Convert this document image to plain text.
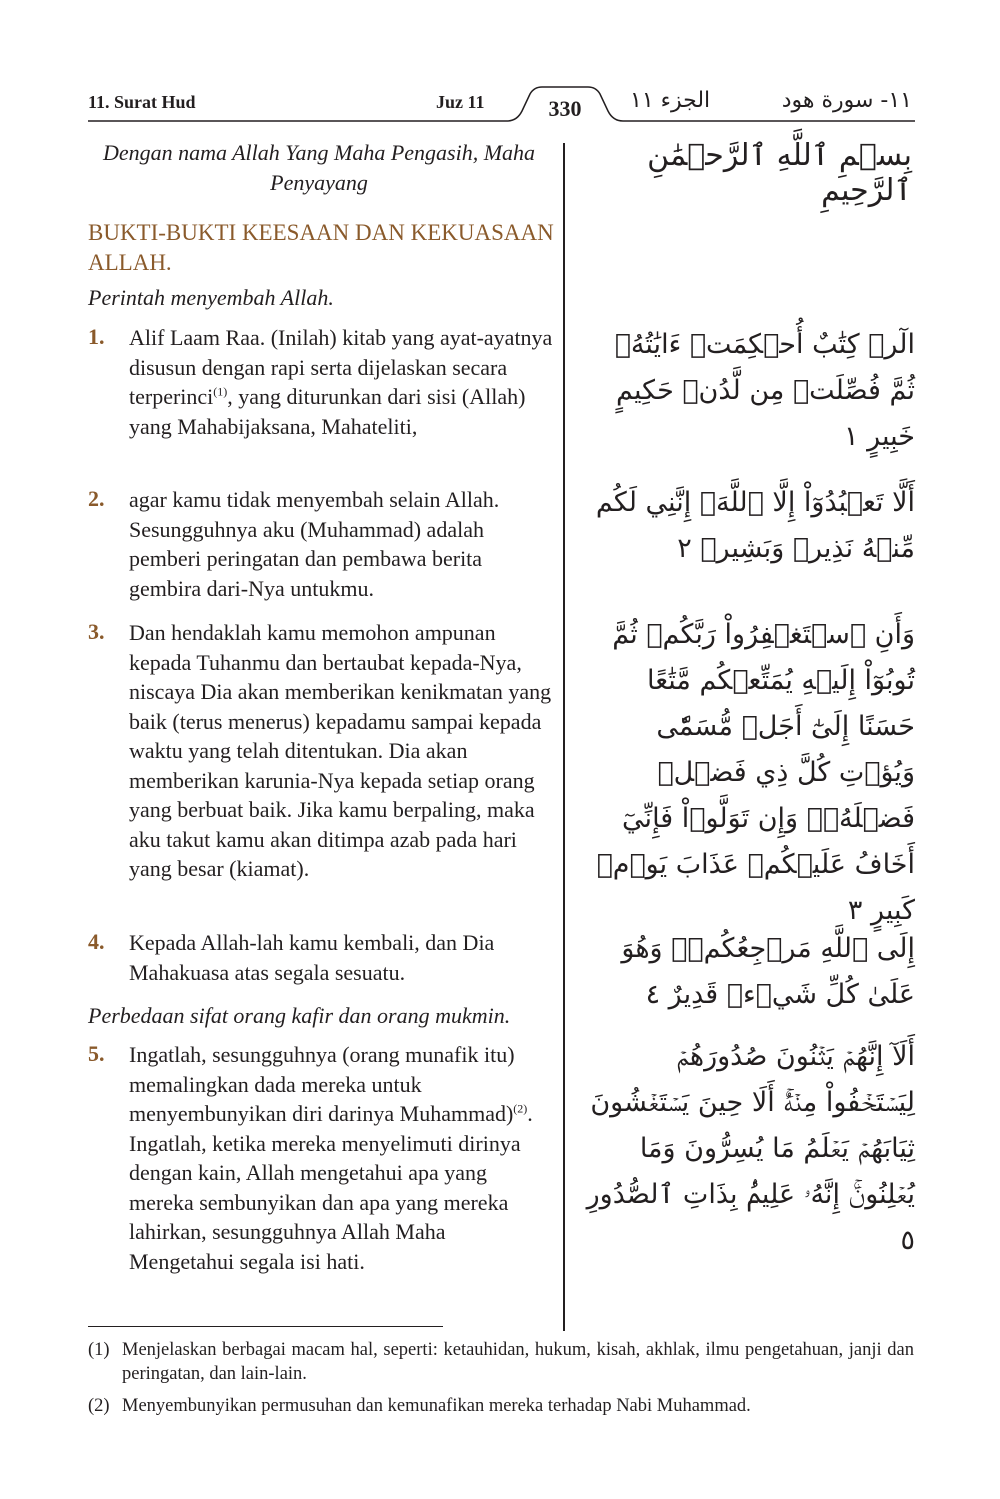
11. Surat Hud	Juz 11	330	الجزء ١١	١١- سورة هود
Dengan nama Allah Yang Maha Pengasih, Maha Penyayang
بِسۡمِ ٱللَّهِ ٱلرَّحۡمَٰنِ ٱلرَّحِيمِ
BUKTI-BUKTI KEESAAN DAN KEKUASAAN ALLAH.
Perintah menyembah Allah.
1. Alif Laam Raa. (Inilah) kitab yang ayat-ayatnya disusun dengan rapi serta dijelaskan secara terperinci$^{(1)}$, yang diturunkan dari sisi (Allah) yang Mahabijaksana, Mahateliti,
الٓرۚ كِتَٰبٌ أُحۡكِمَتۡ ءَايَٰتُهُۥ ثُمَّ فُصِّلَتۡ مِن لَّدُنۡ حَكِيمٍ خَبِيرٍ ١
2. agar kamu tidak menyembah selain Allah. Sesungguhnya aku (Muhammad) adalah pemberi peringatan dan pembawa berita gembira dari-Nya untukmu.
أَلَّا تَعۡبُدُوٓاْ إِلَّا ٱللَّهَۚ إِنَّنِي لَكُم مِّنۡهُ نَذِيرٞ وَبَشِيرٞ ٢
3. Dan hendaklah kamu memohon ampunan kepada Tuhanmu dan bertaubat kepada-Nya, niscaya Dia akan memberikan kenikmatan yang baik (terus menerus) kepadamu sampai kepada waktu yang telah ditentukan. Dia akan memberikan karunia-Nya kepada setiap orang yang berbuat baik. Jika kamu berpaling, maka aku takut kamu akan ditimpa azab pada hari yang besar (kiamat).
وَأَنِ ٱسۡتَغۡفِرُواْ رَبَّكُمۡ ثُمَّ تُوبُوٓاْ إِلَيۡهِ يُمَتِّعۡكُم مَّتَٰعًا حَسَنًا إِلَىٰٓ أَجَلٖ مُّسَمّٗى وَيُؤۡتِ كُلَّ ذِي فَضۡلٖ فَضۡلَهُۥۖ وَإِن تَوَلَّوۡاْ فَإِنِّيٓ أَخَافُ عَلَيۡكُمۡ عَذَابَ يَوۡمٖ كَبِيرٍ ٣
4. Kepada Allah-lah kamu kembali, dan Dia Mahakuasa atas segala sesuatu.
إِلَى ٱللَّهِ مَرۡجِعُكُمۡۖ وَهُوَ عَلَىٰ كُلِّ شَيۡءٖ قَدِيرٌ ٤
Perbedaan sifat orang kafir dan orang mukmin.
5. Ingatlah, sesungguhnya (orang munafik itu) memalingkan dada mereka untuk menyembunyikan diri darinya Muhammad)$^{(2)}$. Ingatlah, ketika mereka menyelimuti dirinya dengan kain, Allah mengetahui apa yang mereka sembunyikan dan apa yang mereka lahirkan, sesungguhnya Allah Maha Mengetahui segala isi hati.
أَلَآ إِنَّهُمۡ يَثۡنُونَ صُدُورَهُمۡ لِيَسۡتَخۡفُواْ مِنۡهُۚ أَلَا حِينَ يَسۡتَغۡشُونَ ثِيَابَهُمۡ يَعۡلَمُ مَا يُسِرُّونَ وَمَا يُعۡلِنُونَۚ إِنَّهُۥ عَلِيمُۢ بِذَاتِ ٱلصُّدُورِ ٥
(1) Menjelaskan berbagai macam hal, seperti: ketauhidan, hukum, kisah, akhlak, ilmu pengetahuan, janji dan peringatan, dan lain-lain.
(2) Menyembunyikan permusuhan dan kemunafikan mereka terhadap Nabi Muhammad.
